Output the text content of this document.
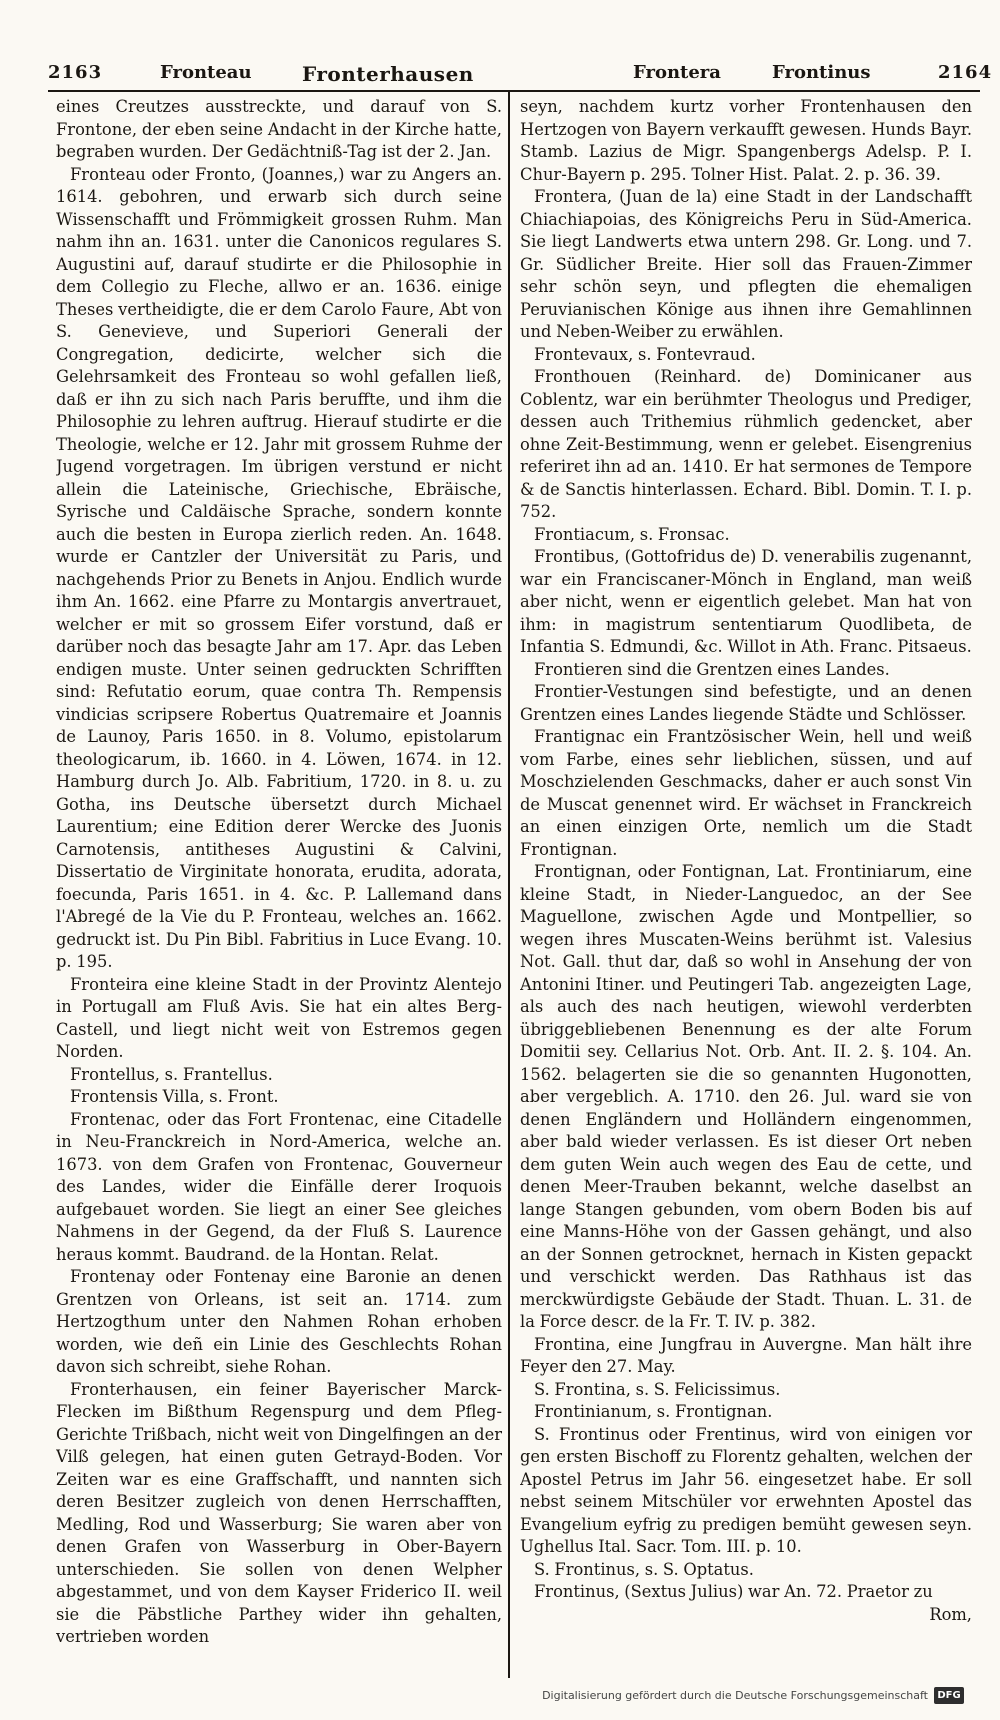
2163	Fronteau	Fronterhausen	Frontera	Frontinus	2164

eines Creutzes ausstreckte, und darauf von S. Frontone, der eben seine Andacht in der Kirche hatte, begraben wurden. Der Gedächtniß-Tag ist der 2. Jan.

Fronteau oder Fronto, (Joannes,) war zu Angers an. 1614. gebohren, und erwarb sich durch seine Wissenschafft und Frömmigkeit grossen Ruhm. Man nahm ihn an. 1631. unter die Canonicos regulares S. Augustini auf, darauf studirte er die Philosophie in dem Collegio zu Fleche, allwo er an. 1636. einige Theses vertheidigte, die er dem Carolo Faure, Abt von S. Genevieve, und Superiori Generali der Congregation, dedicirte, welcher sich die Gelehrsamkeit des Fronteau so wohl gefallen ließ, daß er ihn zu sich nach Paris beruffte, und ihm die Philosophie zu lehren auftrug. Hierauf studirte er die Theologie, welche er 12. Jahr mit grossem Ruhme der Jugend vorgetragen. Im übrigen verstund er nicht allein die Lateinische, Griechische, Ebräische, Syrische und Caldäische Sprache, sondern konnte auch die besten in Europa zierlich reden. An. 1648. wurde er Cantzler der Universität zu Paris, und nachgehends Prior zu Benets in Anjou. Endlich wurde ihm An. 1662. eine Pfarre zu Montargis anvertrauet, welcher er mit so grossem Eifer vorstund, daß er darüber noch das besagte Jahr am 17. Apr. das Leben endigen muste. Unter seinen gedruckten Schrifften sind: Refutatio eorum, quae contra Th. Rempensis vindicias scripsere Robertus Quatremaire et Joannis de Launoy, Paris 1650. in 8. Volumo, epistolarum theologicarum, ib. 1660. in 4. Löwen, 1674. in 12. Hamburg durch Jo. Alb. Fabritium, 1720. in 8. u. zu Gotha, ins Deutsche übersetzt durch Michael Laurentium; eine Edition derer Wercke des Juonis Carnotensis, antitheses Augustini & Calvini, Dissertatio de Virginitate honorata, erudita, adorata, foecunda, Paris 1651. in 4. &c. P. Lallemand dans l'Abregé de la Vie du P. Fronteau, welches an. 1662. gedruckt ist. Du Pin Bibl. Fabritius in Luce Evang. 10. p. 195.

Fronteira eine kleine Stadt in der Provintz Alentejo in Portugall am Fluß Avis. Sie hat ein altes Berg-Castell, und liegt nicht weit von Estremos gegen Norden.

Frontellus, s. Frantellus.

Frontensis Villa, s. Front.

Frontenac, oder das Fort Frontenac, eine Citadelle in Neu-Franckreich in Nord-America, welche an. 1673. von dem Grafen von Frontenac, Gouverneur des Landes, wider die Einfälle derer Iroquois aufgebauet worden. Sie liegt an einer See gleiches Nahmens in der Gegend, da der Fluß S. Laurence heraus kommt. Baudrand. de la Hontan. Relat.

Frontenay oder Fontenay eine Baronie an denen Grentzen von Orleans, ist seit an. 1714. zum Hertzogthum unter den Nahmen Rohan erhoben worden, wie deñ ein Linie des Geschlechts Rohan davon sich schreibt, siehe Rohan.

Fronterhausen, ein feiner Bayerischer Marck-Flecken im Bißthum Regenspurg und dem Pfleg-Gerichte Trißbach, nicht weit von Dingelfingen an der Vilß gelegen, hat einen guten Getrayd-Boden. Vor Zeiten war es eine Graffschafft, und nannten sich deren Besitzer zugleich von denen Herrschafften, Medling, Rod und Wasserburg; Sie waren aber von denen Grafen von Wasserburg in Ober-Bayern unterschieden. Sie sollen von denen Welpher abgestammet, und von dem Kayser Friderico II. weil sie die Päbstliche Parthey wider ihn gehalten, vertrieben worden

seyn, nachdem kurtz vorher Frontenhausen den Hertzogen von Bayern verkaufft gewesen. Hunds Bayr. Stamb. Lazius de Migr. Spangenbergs Adelsp. P. I. Chur-Bayern p. 295. Tolner Hist. Palat. 2. p. 36. 39.

Frontera, (Juan de la) eine Stadt in der Landschafft Chiachiapoias, des Königreichs Peru in Süd-America. Sie liegt Landwerts etwa untern 298. Gr. Long. und 7. Gr. Südlicher Breite. Hier soll das Frauen-Zimmer sehr schön seyn, und pflegten die ehemaligen Peruvianischen Könige aus ihnen ihre Gemahlinnen und Neben-Weiber zu erwählen.

Frontevaux, s. Fontevraud.

Fronthouen (Reinhard. de) Dominicaner aus Coblentz, war ein berühmter Theologus und Prediger, dessen auch Trithemius rühmlich gedencket, aber ohne Zeit-Bestimmung, wenn er gelebet. Eisengrenius referiret ihn ad an. 1410. Er hat sermones de Tempore & de Sanctis hinterlassen. Echard. Bibl. Domin. T. I. p. 752.

Frontiacum, s. Fronsac.

Frontibus, (Gottofridus de) D. venerabilis zugenannt, war ein Franciscaner-Mönch in England, man weiß aber nicht, wenn er eigentlich gelebet. Man hat von ihm: in magistrum sententiarum Quodlibeta, de Infantia S. Edmundi, &c. Willot in Ath. Franc. Pitsaeus.

Frontieren sind die Grentzen eines Landes.

Frontier-Vestungen sind befestigte, und an denen Grentzen eines Landes liegende Städte und Schlösser.

Frantignac ein Frantzösischer Wein, hell und weiß vom Farbe, eines sehr lieblichen, süssen, und auf Moschzielenden Geschmacks, daher er auch sonst Vin de Muscat genennet wird. Er wächset in Franckreich an einen einzigen Orte, nemlich um die Stadt Frontignan.

Frontignan, oder Fontignan, Lat. Frontiniarum, eine kleine Stadt, in Nieder-Languedoc, an der See Maguellone, zwischen Agde und Montpellier, so wegen ihres Muscaten-Weins berühmt ist. Valesius Not. Gall. thut dar, daß so wohl in Ansehung der von Antonini Itiner. und Peutingeri Tab. angezeigten Lage, als auch des nach heutigen, wiewohl verderbten übriggebliebenen Benennung es der alte Forum Domitii sey. Cellarius Not. Orb. Ant. II. 2. §. 104. An. 1562. belagerten sie die so genannten Hugonotten, aber vergeblich. A. 1710. den 26. Jul. ward sie von denen Engländern und Holländern eingenommen, aber bald wieder verlassen. Es ist dieser Ort neben dem guten Wein auch wegen des Eau de cette, und denen Meer-Trauben bekannt, welche daselbst an lange Stangen gebunden, vom obern Boden bis auf eine Manns-Höhe von der Gassen gehängt, und also an der Sonnen getrocknet, hernach in Kisten gepackt und verschickt werden. Das Rathhaus ist das merckwürdigste Gebäude der Stadt. Thuan. L. 31. de la Force descr. de la Fr. T. IV. p. 382.

Frontina, eine Jungfrau in Auvergne. Man hält ihre Feyer den 27. May.

S. Frontina, s. S. Felicissimus.

Frontinianum, s. Frontignan.

S. Frontinus oder Frentinus, wird von einigen vor gen ersten Bischoff zu Florentz gehalten, welchen der Apostel Petrus im Jahr 56. eingesetzet habe. Er soll nebst seinem Mitschüler vor erwehnten Apostel das Evangelium eyfrig zu predigen bemüht gewesen seyn. Ughellus Ital. Sacr. Tom. III. p. 10.

S. Frontinus, s. S. Optatus.

Frontinus, (Sextus Julius) war An. 72. Praetor zu

Rom,

Digitalisierung gefördert durch die Deutsche Forschungsgemeinschaft DFG
